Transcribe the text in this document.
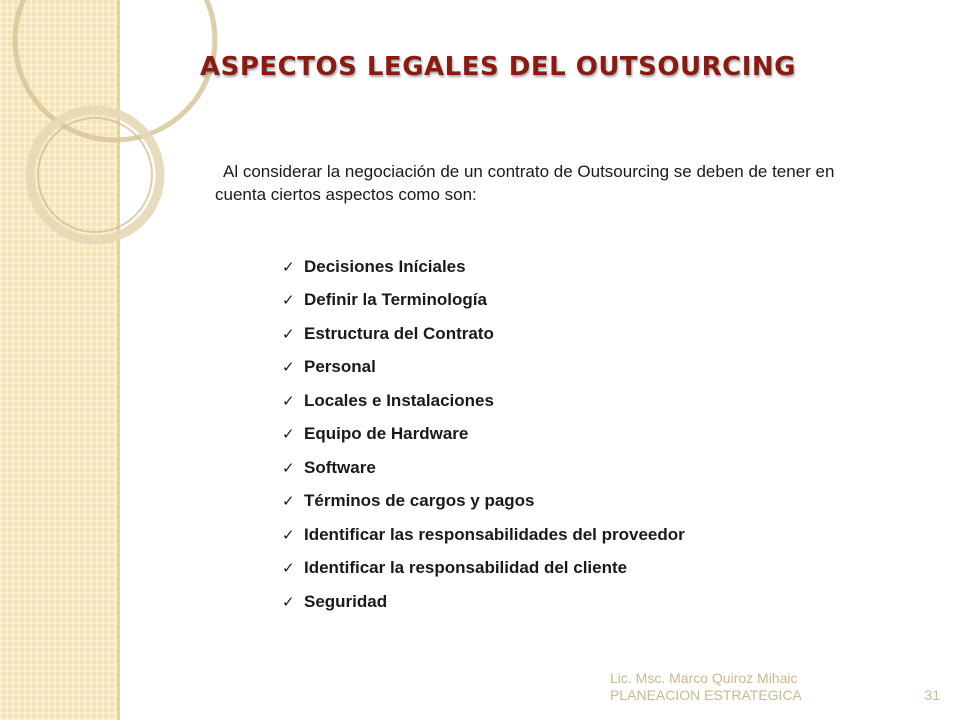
ASPECTOS LEGALES DEL OUTSOURCING

Al considerar la negociación de un contrato de Outsourcing se deben de tener en cuenta ciertos aspectos como son:

✓ Decisiones Iníciales
✓ Definir la Terminología
✓ Estructura del Contrato
✓ Personal
✓ Locales e Instalaciones
✓ Equipo de Hardware
✓ Software
✓ Términos de cargos y pagos
✓ Identificar las responsabilidades del proveedor
✓ Identificar la responsabilidad del cliente
✓ Seguridad
Lic. Msc. Marco Quiroz Mihaic
PLANEACION ESTRATEGICA	31
